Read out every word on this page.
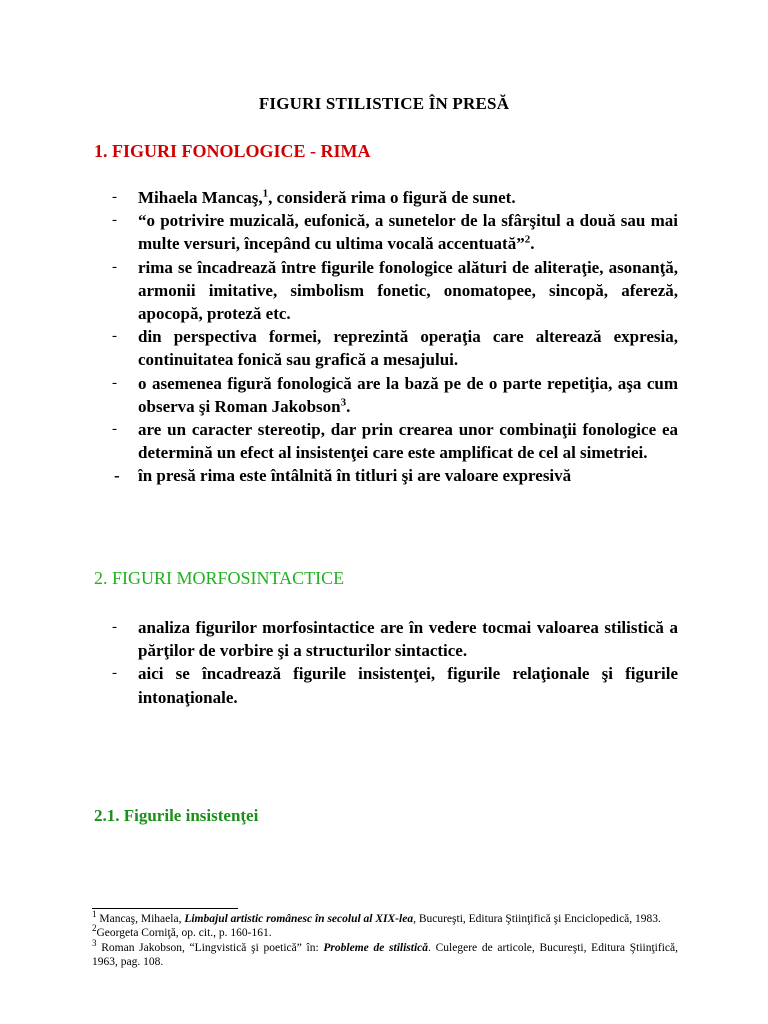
FIGURI STILISTICE ÎN PRESĂ
1. FIGURI FONOLOGICE - RIMA
- Mihaela Mancaş,$^1$, consideră rima o figură de sunet.
- “o potrivire muzicală, eufonică, a sunetelor de la sfârşitul a două sau mai multe versuri, începând cu ultima vocală accentuată”$^2$.
- rima se încadrează între figurile fonologice alături de aliteraţie, asonanţă, armonii imitative, simbolism fonetic, onomatopee, sincopă, afereză, apocopă, proteză etc.
- din perspectiva formei, reprezintă operaţia care alterează expresia, continuitatea fonică sau grafică a mesajului.
- o asemenea figură fonologică are la bază pe de o parte repetiţia, aşa cum observa şi Roman Jakobson$^3$.
- are un caracter stereotip, dar prin crearea unor combinaţii fonologice ea determină un efect al insistenţei care este amplificat de cel al simetriei.
- în presă rima este întâlnită în titluri şi are valoare expresivă
2. FIGURI MORFOSINTACTICE
- analiza figurilor morfosintactice are în vedere tocmai valoarea stilistică a părţilor de vorbire şi a structurilor sintactice.
- aici se încadrează figurile insistenţei, figurile relaţionale şi figurile intonaţionale.
2.1. Figurile insistenţei

$^1$ Mancaş, Mihaela, Limbajul artistic românesc în secolul al XIX-lea, Bucureşti, Editura Ştiinţifică şi Enciclopedică, 1983.

$^2$Georgeta Corniţă, op. cit., p. 160-161.

$^3$ Roman Jakobson, “Lingvistică şi poetică” în: Probleme de stilistică. Culegere de articole, Bucureşti, Editura Ştiinţifică, 1963, pag. 108.
